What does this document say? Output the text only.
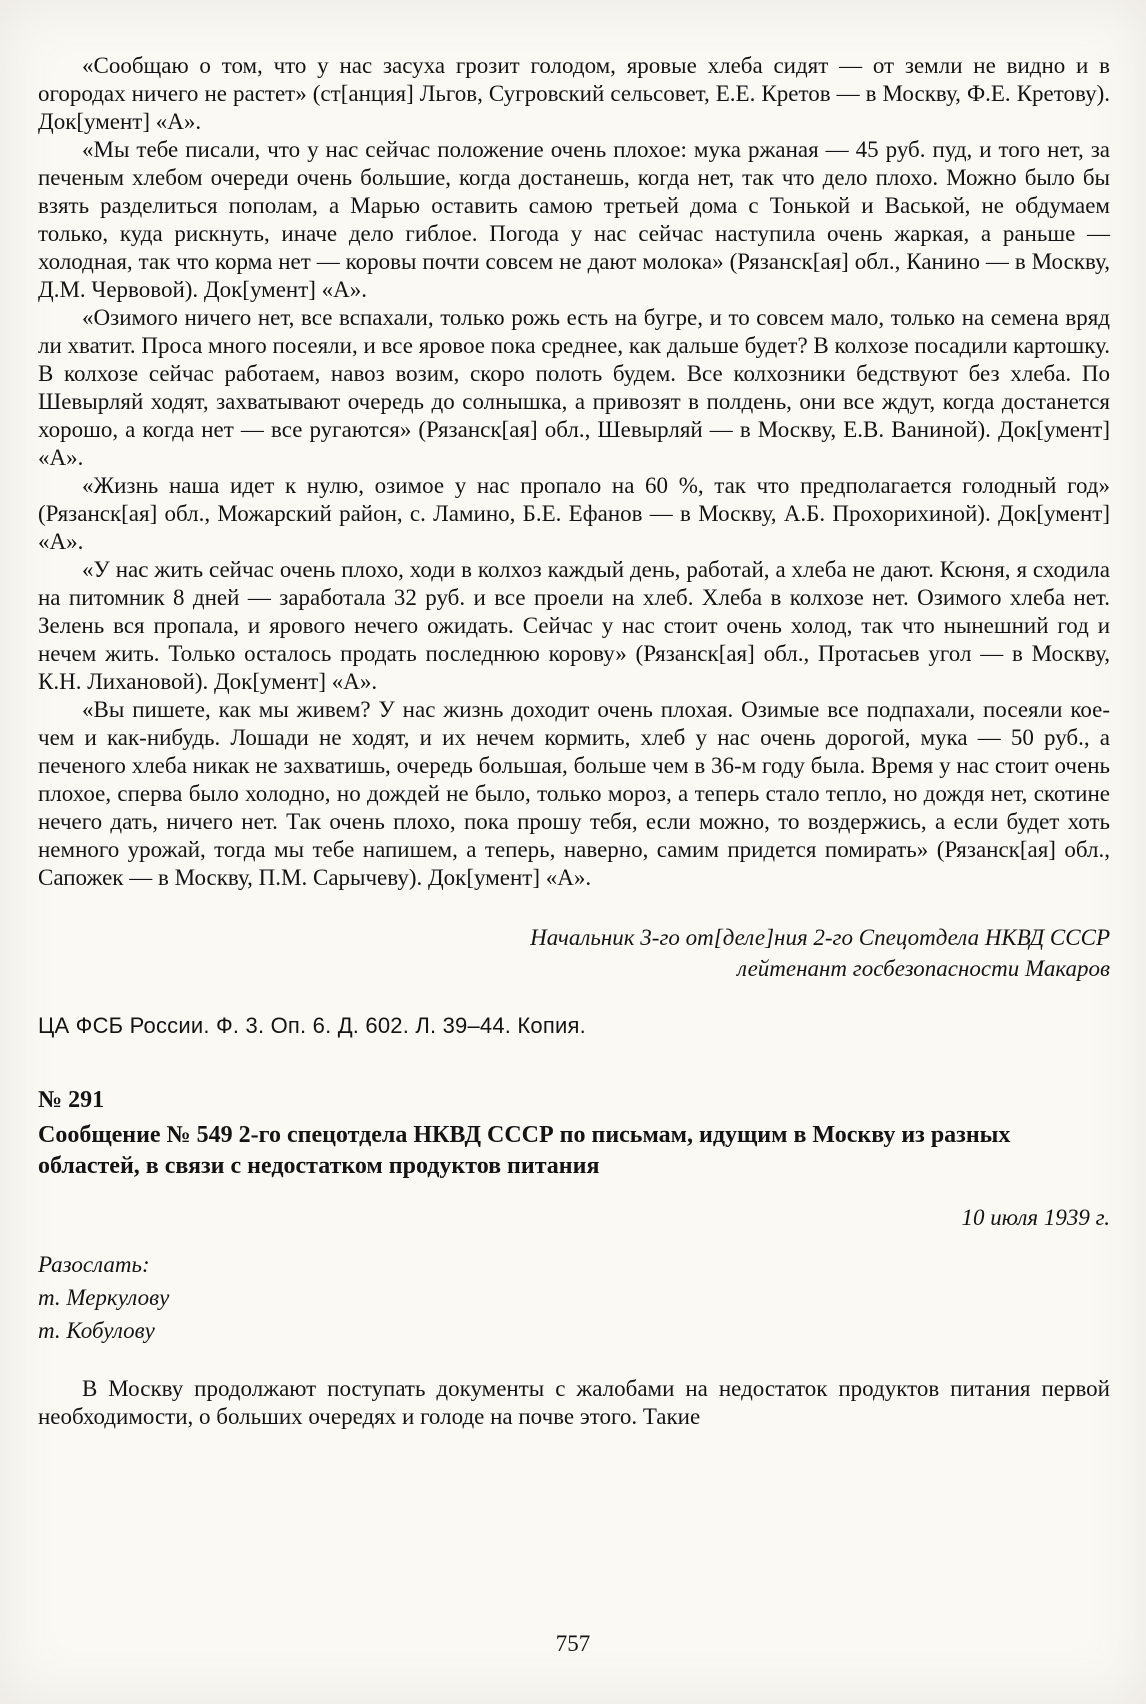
«Сообщаю о том, что у нас засуха грозит голодом, яровые хлеба сидят — от земли не видно и в огородах ничего не растет» (ст[анция] Льгов, Сугровский сельсовет, Е.Е. Кретов — в Москву, Ф.Е. Кретову). Док[умент] «А».

«Мы тебе писали, что у нас сейчас положение очень плохое: мука ржаная — 45 руб. пуд, и того нет, за печеным хлебом очереди очень большие, когда достанешь, когда нет, так что дело плохо. Можно было бы взять разделиться пополам, а Марью оставить самою третьей дома с Тонькой и Васькой, не обдумаем только, куда рискнуть, иначе дело гиблое. Погода у нас сейчас наступила очень жаркая, а раньше — холодная, так что корма нет — коровы почти совсем не дают молока» (Рязанск[ая] обл., Канино — в Москву, Д.М. Червовой). Док[умент] «А».

«Озимого ничего нет, все вспахали, только рожь есть на бугре, и то совсем мало, только на семена вряд ли хватит. Проса много посеяли, и все яровое пока среднее, как дальше будет? В колхозе посадили картошку. В колхозе сейчас работаем, навоз возим, скоро полоть будем. Все колхозники бедствуют без хлеба. По Шевырляй ходят, захватывают очередь до солнышка, а привозят в полдень, они все ждут, когда достанется хорошо, а когда нет — все ругаются» (Рязанск[ая] обл., Шевырляй — в Москву, Е.В. Ваниной). Док[умент] «А».

«Жизнь наша идет к нулю, озимое у нас пропало на 60 %, так что предполагается голодный год» (Рязанск[ая] обл., Можарский район, с. Ламино, Б.Е. Ефанов — в Москву, А.Б. Прохорихиной). Док[умент] «А».

«У нас жить сейчас очень плохо, ходи в колхоз каждый день, работай, а хлеба не дают. Ксюня, я сходила на питомник 8 дней — заработала 32 руб. и все проели на хлеб. Хлеба в колхозе нет. Озимого хлеба нет. Зелень вся пропала, и ярового нечего ожидать. Сейчас у нас стоит очень холод, так что нынешний год и нечем жить. Только осталось продать последнюю корову» (Рязанск[ая] обл., Протасьев угол — в Москву, К.Н. Лихановой). Док[умент] «А».

«Вы пишете, как мы живем? У нас жизнь доходит очень плохая. Озимые все подпахали, посеяли кое-чем и как-нибудь. Лошади не ходят, и их нечем кормить, хлеб у нас очень дорогой, мука — 50 руб., а печеного хлеба никак не захватишь, очередь большая, больше чем в 36-м году была. Время у нас стоит очень плохое, сперва было холодно, но дождей не было, только мороз, а теперь стало тепло, но дождя нет, скотине нечего дать, ничего нет. Так очень плохо, пока прошу тебя, если можно, то воздержись, а если будет хоть немного урожай, тогда мы тебе напишем, а теперь, наверно, самим придется помирать» (Рязанск[ая] обл., Сапожек — в Москву, П.М. Сарычеву). Док[умент] «А».

Начальник 3-го от[деле]ния 2-го Спецотдела НКВД СССР
лейтенант госбезопасности Макаров
ЦА ФСБ России. Ф. 3. Оп. 6. Д. 602. Л. 39–44. Копия.
№ 291
Сообщение № 549 2-го спецотдела НКВД СССР по письмам, идущим в Москву из разных областей, в связи с недостатком продуктов питания
10 июля 1939 г.
Разослать:
т. Меркулову
т. Кобулову

В Москву продолжают поступать документы с жалобами на недостаток продуктов питания первой необходимости, о больших очередях и голоде на почве этого. Такие

757
